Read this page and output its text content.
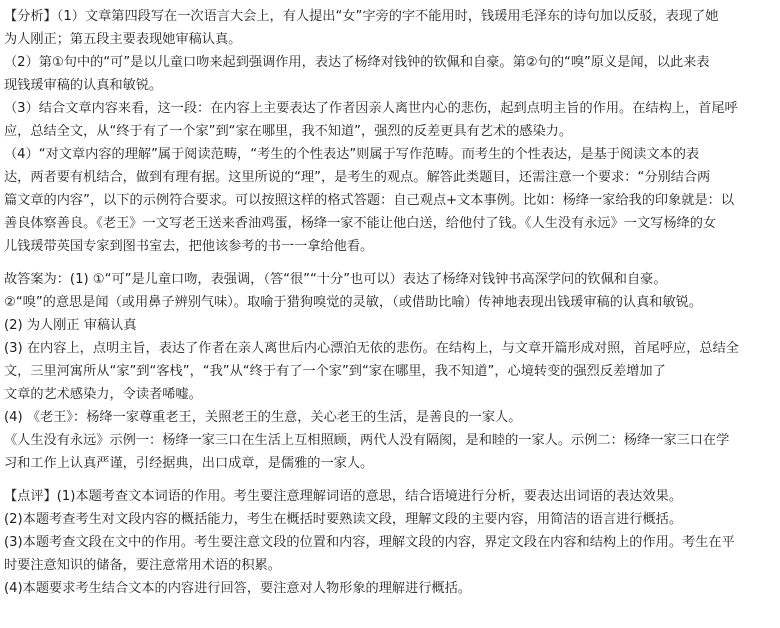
【分析】（1）文章第四段写在一次语言大会上，有人提出“女”字旁的字不能用时，钱瑗用毛泽东的诗句加以反驳，表现了她
为人刚正；第五段主要表现她审稿认真。
（2）第①句中的“可”是以儿童口吻来起到强调作用，表达了杨绛对钱钟的钦佩和自豪。第②句的“嗅”原义是闻，以此来表
现钱瑗审稿的认真和敏锐。
（3）结合文章内容来看，这一段：在内容上主要表达了作者因亲人离世内心的悲伤，起到点明主旨的作用。在结构上，首尾呼
应，总结全文，从“终于有了一个家”到“家在哪里，我不知道”，强烈的反差更具有艺术的感染力。
（4）“对文章内容的理解”属于阅读范畴，“考生的个性表达”则属于写作范畴。而考生的个性表达，是基于阅读文本的表
达，两者要有机结合，做到有理有据。这里所说的“理”，是考生的观点。解答此类题目，还需注意一个要求：“分别结合两
篇文章的内容”，以下的示例符合要求。可以按照这样的格式答题：自己观点+文本事例。比如：杨绛一家给我的印象就是：以
善良体察善良。《老王》一文写老王送来香油鸡蛋，杨绛一家不能让他白送，给他付了钱。《人生没有永远》一文写杨绛的女
儿钱瑗带英国专家到图书室去，把他该参考的书一一拿给他看。
故答案为：(1) ①“可”是儿童口吻，表强调，（答“很”“十分”也可以）表达了杨绛对钱钟书高深学问的钦佩和自豪。
②“嗅”的意思是闻（或用鼻子辨别气味）。取喻于猎狗嗅觉的灵敏，（或借助比喻）传神地表现出钱瑗审稿的认真和敏锐。
(2) 为人刚正 审稿认真
(3) 在内容上，点明主旨，表达了作者在亲人离世后内心漂泊无依的悲伤。在结构上，与文章开篇形成对照，首尾呼应，总结全
文，三里河寓所从“家”到“客栈”，“我”从“终于有了一个家”到“家在哪里，我不知道”，心境转变的强烈反差增加了
文章的艺术感染力，令读者唏嘘。
(4) 《老王》：杨绛一家尊重老王，关照老王的生意，关心老王的生活，是善良的一家人。
《人生没有永远》示例一：杨绛一家三口在生活上互相照顾，两代人没有隔阂，是和睦的一家人。示例二：杨绛一家三口在学
习和工作上认真严谨，引经据典，出口成章，是儒雅的一家人。
【点评】(1)本题考查文本词语的作用。考生要注意理解词语的意思，结合语境进行分析，要表达出词语的表达效果。
(2)本题考查考生对文段内容的概括能力，考生在概括时要熟读文段，理解文段的主要内容，用简洁的语言进行概括。
(3)本题考查文段在文中的作用。考生要注意文段的位置和内容，理解文段的内容，界定文段在内容和结构上的作用。考生在平
时要注意知识的储备，要注意常用术语的积累。
(4)本题要求考生结合文本的内容进行回答，要注意对人物形象的理解进行概括。
